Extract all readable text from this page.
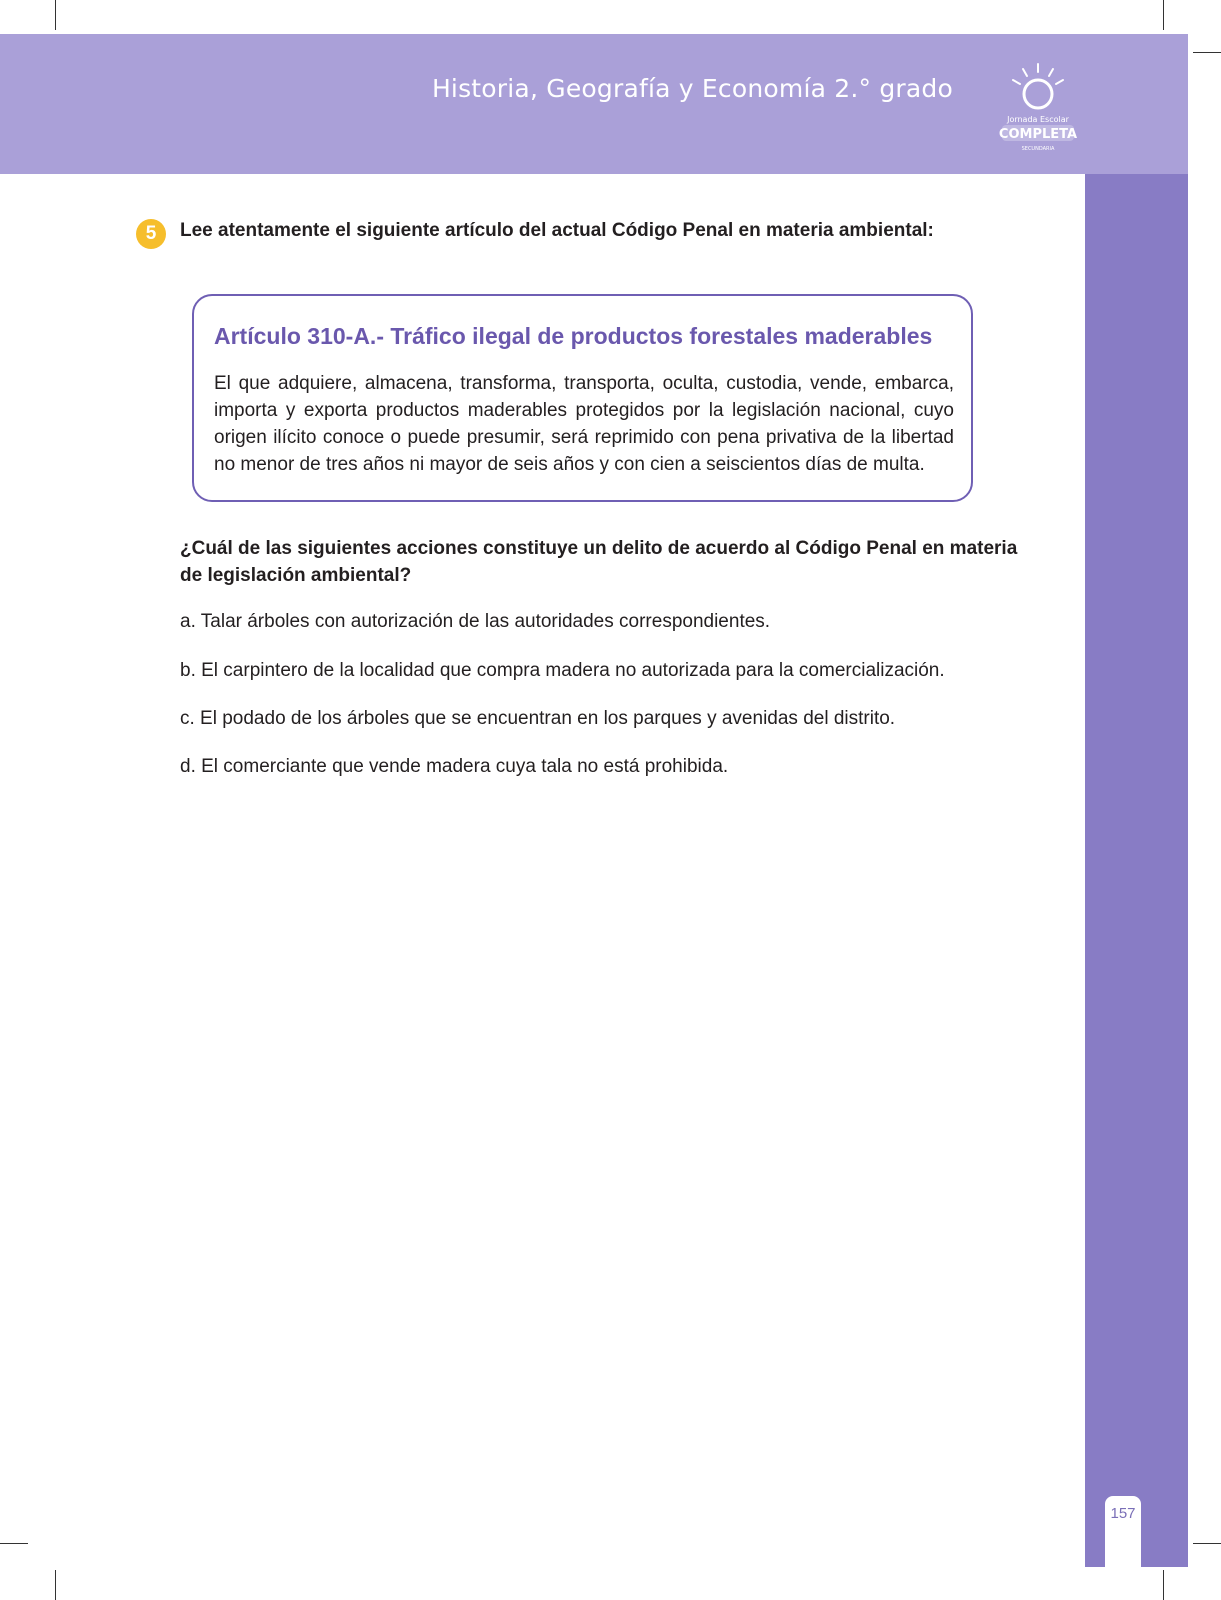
Historia, Geografía y Economía 2.° grado
Jornada Escolar
COMPLETA
SECUNDARIA
157
5	Lee atentamente el siguiente artículo del actual Código Penal en materia ambiental:
Artículo 310-A.- Tráfico ilegal de productos forestales maderables

El que adquiere, almacena, transforma, transporta, oculta, custodia, vende, embarca, importa y exporta productos maderables protegidos por la legislación nacional, cuyo origen ilícito conoce o puede presumir, será reprimido con pena privativa de la libertad no menor de tres años ni mayor de seis años y con cien a seiscientos días de multa.

¿Cuál de las siguientes acciones constituye un delito de acuerdo al Código Penal en materia de legislación ambiental?

a. Talar árboles con autorización de las autoridades correspondientes.
b. El carpintero de la localidad que compra madera no autorizada para la comercialización.
c. El podado de los árboles que se encuentran en los parques y avenidas del distrito.
d. El comerciante que vende madera cuya tala no está prohibida.
